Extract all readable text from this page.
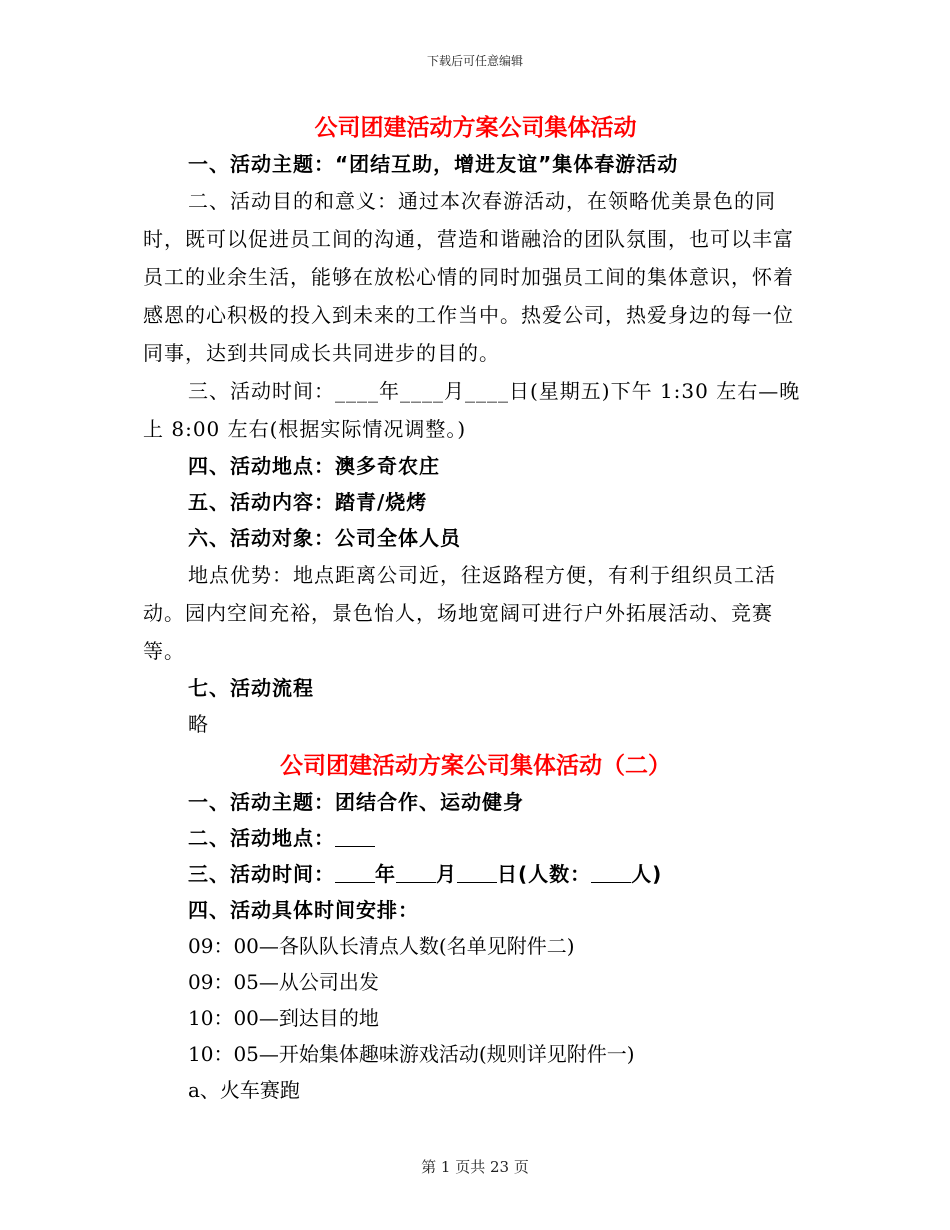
下载后可任意编辑
公司团建活动方案公司集体活动
一、活动主题：“团结互助，增进友谊”集体春游活动
二、活动目的和意义：通过本次春游活动，在领略优美景色的同时，既可以促进员工间的沟通，营造和谐融洽的团队氛围，也可以丰富员工的业余生活，能够在放松心情的同时加强员工间的集体意识，怀着感恩的心积极的投入到未来的工作当中。热爱公司，热爱身边的每一位同事，达到共同成长共同进步的目的。
三、活动时间：____年____月____日(星期五)下午 1:30 左右—晚上 8:00 左右(根据实际情况调整。)
四、活动地点：澳多奇农庄
五、活动内容：踏青/烧烤
六、活动对象：公司全体人员
地点优势：地点距离公司近，往返路程方便，有利于组织员工活动。园内空间充裕，景色怡人，场地宽阔可进行户外拓展活动、竞赛等。
七、活动流程
略
公司团建活动方案公司集体活动（二）
一、活动主题：团结合作、运动健身
二、活动地点：
三、活动时间： 年 月 日(人数： 人)
四、活动具体时间安排：
09：00—各队队长清点人数(名单见附件二)
09：05—从公司出发
10：00—到达目的地
10：05—开始集体趣味游戏活动(规则详见附件一)
a、火车赛跑
第 1 页共 23 页
